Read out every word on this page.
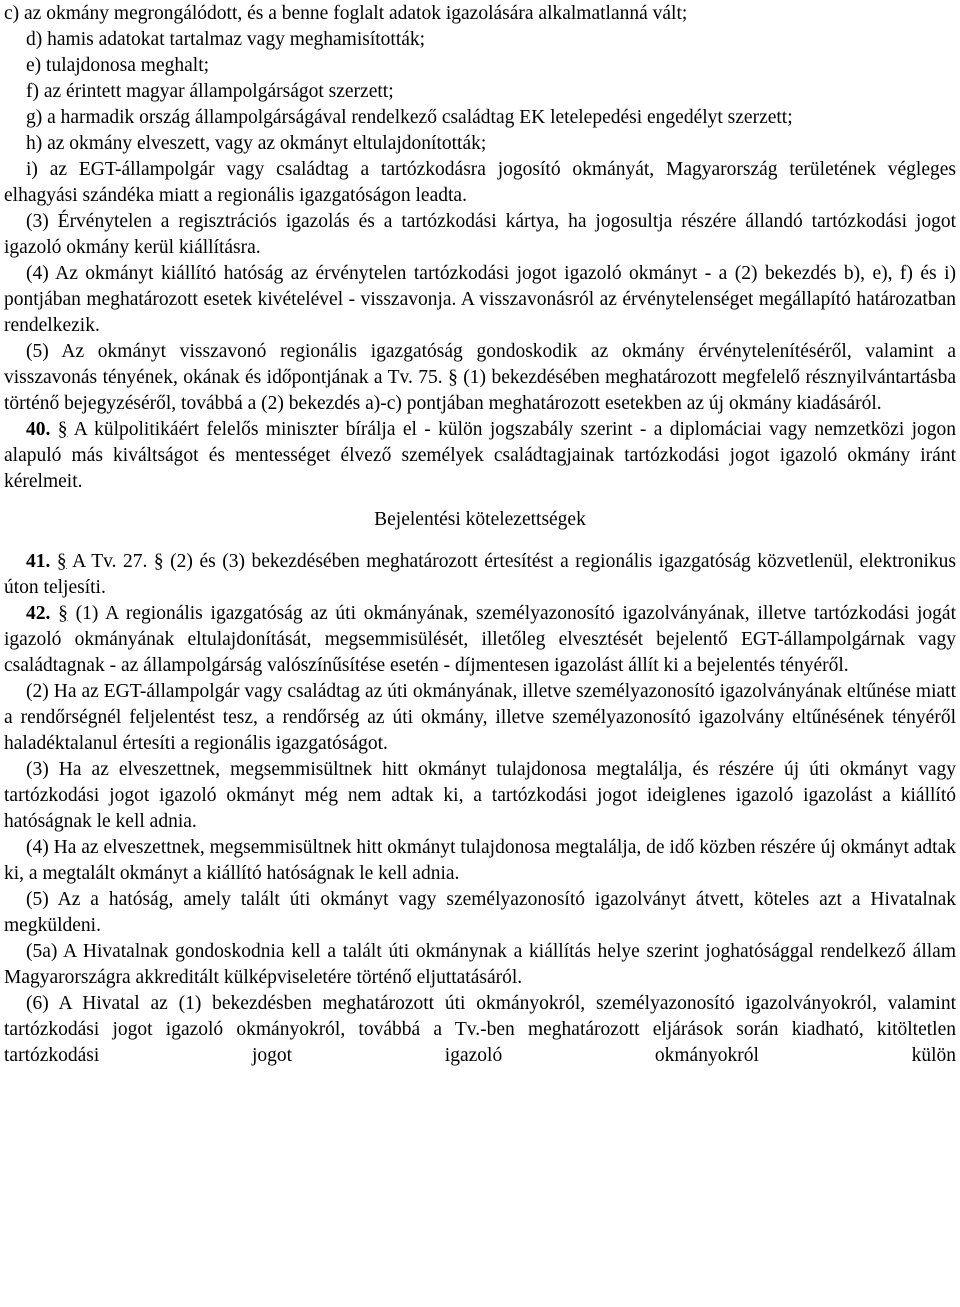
c) az okmány megrongálódott, és a benne foglalt adatok igazolására alkalmatlanná vált;

d) hamis adatokat tartalmaz vagy meghamisították;

e) tulajdonosa meghalt;

f) az érintett magyar állampolgárságot szerzett;

g) a harmadik ország állampolgárságával rendelkező családtag EK letelepedési engedélyt szerzett;

h) az okmány elveszett, vagy az okmányt eltulajdonították;

i) az EGT-állampolgár vagy családtag a tartózkodásra jogosító okmányát, Magyarország területének végleges elhagyási szándéka miatt a regionális igazgatóságon leadta.

(3) Érvénytelen a regisztrációs igazolás és a tartózkodási kártya, ha jogosultja részére állandó tartózkodási jogot igazoló okmány kerül kiállításra.

(4) Az okmányt kiállító hatóság az érvénytelen tartózkodási jogot igazoló okmányt - a (2) bekezdés b), e), f) és i) pontjában meghatározott esetek kivételével - visszavonja. A visszavonásról az érvénytelenséget megállapító határozatban rendelkezik.

(5) Az okmányt visszavonó regionális igazgatóság gondoskodik az okmány érvénytelenítéséről, valamint a visszavonás tényének, okának és időpontjának a Tv. 75. § (1) bekezdésében meghatározott megfelelő résznyilvántartásba történő bejegyzéséről, továbbá a (2) bekezdés a)-c) pontjában meghatározott esetekben az új okmány kiadásáról.

40. § A külpolitikáért felelős miniszter bírálja el - külön jogszabály szerint - a diplomáciai vagy nemzetközi jogon alapuló más kiváltságot és mentességet élvező személyek családtagjainak tartózkodási jogot igazoló okmány iránt kérelmeit.

Bejelentési kötelezettségek

41. § A Tv. 27. § (2) és (3) bekezdésében meghatározott értesítést a regionális igazgatóság közvetlenül, elektronikus úton teljesíti.

42. § (1) A regionális igazgatóság az úti okmányának, személyazonosító igazolványának, illetve tartózkodási jogát igazoló okmányának eltulajdonítását, megsemmisülését, illetőleg elvesztését bejelentő EGT-állampolgárnak vagy családtagnak - az állampolgárság valószínűsítése esetén - díjmentesen igazolást állít ki a bejelentés tényéről.

(2) Ha az EGT-állampolgár vagy családtag az úti okmányának, illetve személyazonosító igazolványának eltűnése miatt a rendőrségnél feljelentést tesz, a rendőrség az úti okmány, illetve személyazonosító igazolvány eltűnésének tényéről haladéktalanul értesíti a regionális igazgatóságot.

(3) Ha az elveszettnek, megsemmisültnek hitt okmányt tulajdonosa megtalálja, és részére új úti okmányt vagy tartózkodási jogot igazoló okmányt még nem adtak ki, a tartózkodási jogot ideiglenes igazoló igazolást a kiállító hatóságnak le kell adnia.

(4) Ha az elveszettnek, megsemmisültnek hitt okmányt tulajdonosa megtalálja, de idő közben részére új okmányt adtak ki, a megtalált okmányt a kiállító hatóságnak le kell adnia.

(5) Az a hatóság, amely talált úti okmányt vagy személyazonosító igazolványt átvett, köteles azt a Hivatalnak megküldeni.

(5a) A Hivatalnak gondoskodnia kell a talált úti okmánynak a kiállítás helye szerint joghatósággal rendelkező állam Magyarországra akkreditált külképviseletére történő eljuttatásáról.

(6) A Hivatal az (1) bekezdésben meghatározott úti okmányokról, személyazonosító igazolványokról, valamint tartózkodási jogot igazoló okmányokról, továbbá a Tv.-ben meghatározott eljárások során kiadható, kitöltetlen tartózkodási jogot igazoló okmányokról külön
